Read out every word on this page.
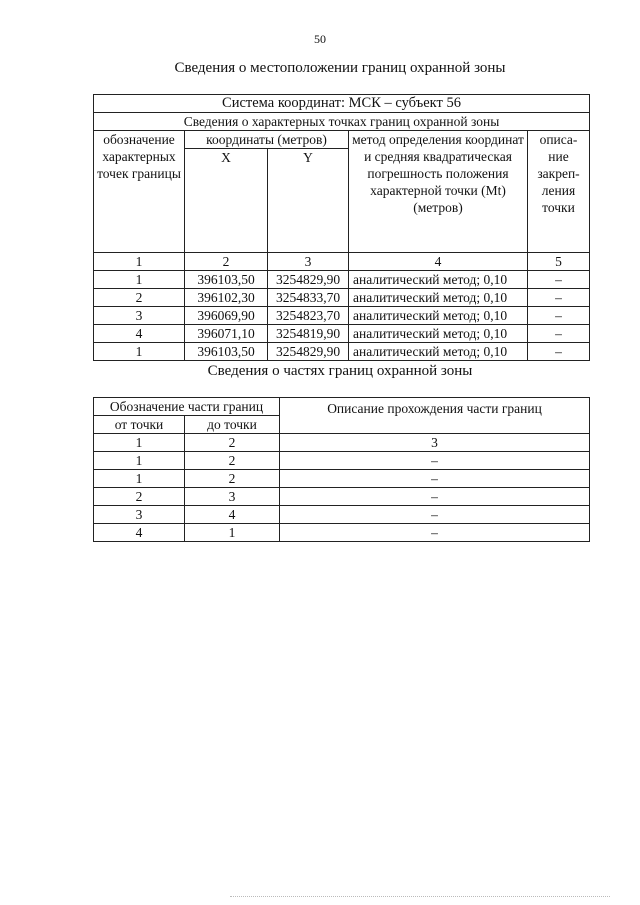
50
Сведения о местоположении границ охранной зоны
Система координат: МСК – субъект 56				
Сведения о характерных точках границ охранной зоны				
обозначение характерных точек границы	координаты (метров)		метод определения координат и средняя квадратическая погрешность положения характерной точки (Mt) (метров)	описа-ние закреп-ления точки
	X	Y		
1	2	3	4	5
1	396103,50	3254829,90	аналитический метод; 0,10	–
2	396102,30	3254833,70	аналитический метод; 0,10	–
3	396069,90	3254823,70	аналитический метод; 0,10	–
4	396071,10	3254819,90	аналитический метод; 0,10	–
1	396103,50	3254829,90	аналитический метод; 0,10	–
Сведения о частях границ охранной зоны
Обозначение части границ		Описание прохождения части границ
от точки	до точки	
1	2	3
1	2	–
1	2	–
2	3	–
3	4	–
4	1	–
